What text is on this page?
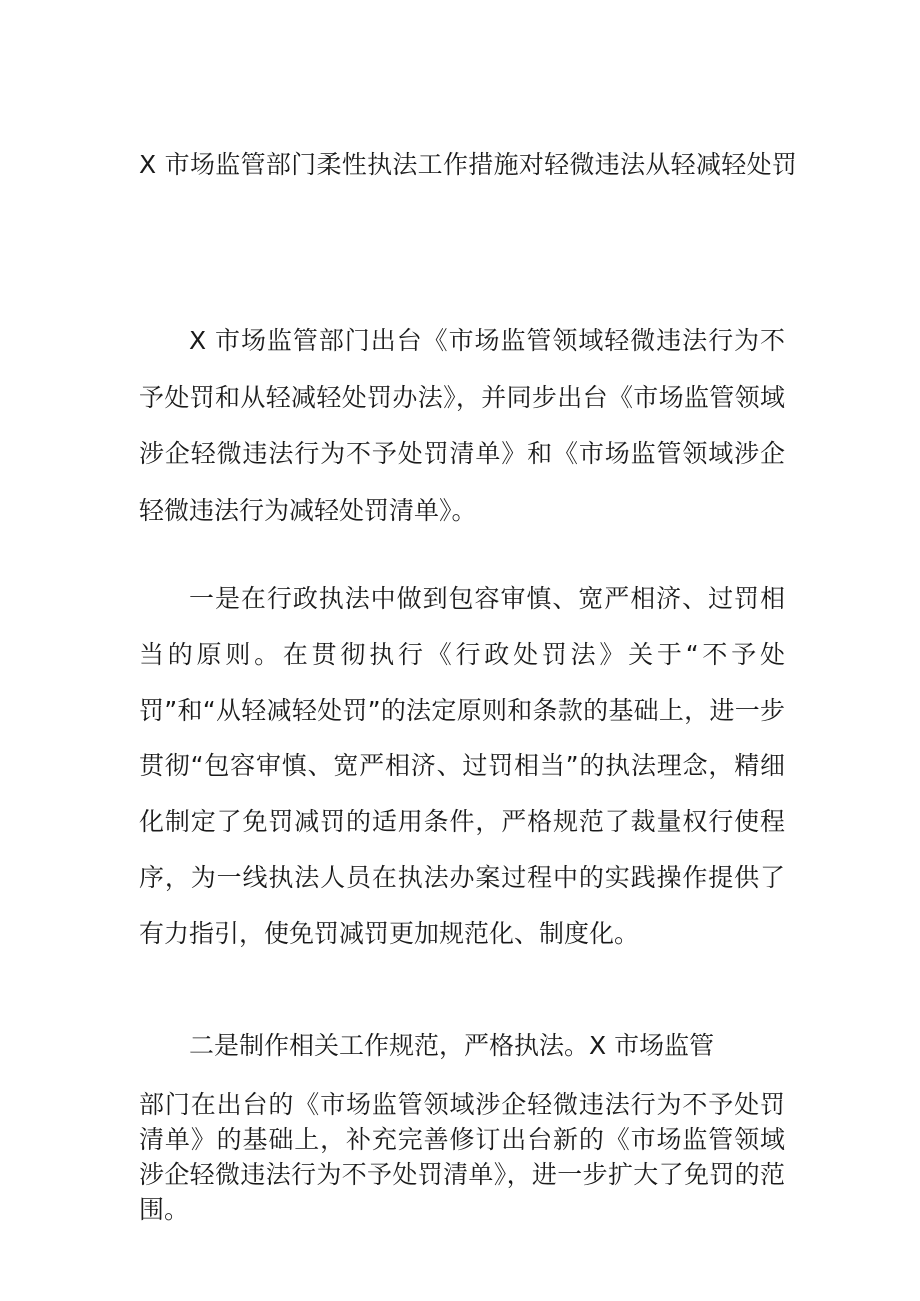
X 市场监管部门柔性执法工作措施对轻微违法从轻减轻处罚

X 市场监管部门出台《市场监管领域轻微违法行为不予处罚和从轻减轻处罚办法》，并同步出台《市场监管领域涉企轻微违法行为不予处罚清单》和《市场监管领域涉企轻微违法行为减轻处罚清单》。

一是在行政执法中做到包容审慎、宽严相济、过罚相当的原则。在贯彻执行《行政处罚法》关于“不予处罚”和“从轻减轻处罚”的法定原则和条款的基础上，进一步贯彻“包容审慎、宽严相济、过罚相当”的执法理念，精细化制定了免罚减罚的适用条件，严格规范了裁量权行使程序，为一线执法人员在执法办案过程中的实践操作提供了有力指引，使免罚减罚更加规范化、制度化。

二是制作相关工作规范，严格执法。X 市场监管

部门在出台的《市场监管领域涉企轻微违法行为不予处罚清单》的基础上，补充完善修订出台新的《市场监管领域涉企轻微违法行为不予处罚清单》，进一步扩大了免罚的范围。
